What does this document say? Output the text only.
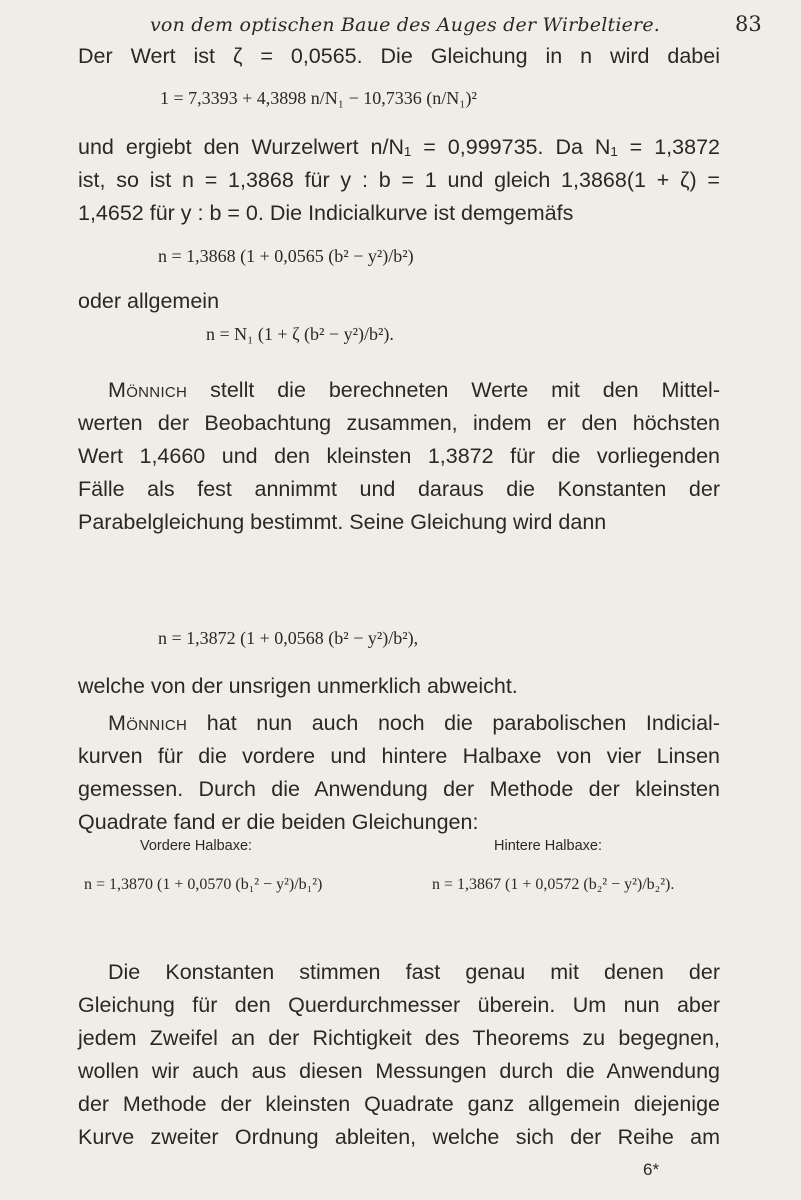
von dem optischen Baue des Auges der Wirbeltiere.	83
Der Wert ist ζ = 0,0565. Die Gleichung in n wird dabei
1 = 7,3393 + 4,3898 n/N₁ − 10,7336 (n/N₁)²
und ergiebt den Wurzelwert n/N₁ = 0,999735. Da N₁ = 1,3872
ist, so ist n = 1,3868 für y : b = 1 und gleich 1,3868(1 + ζ) =
1,4652 für y : b = 0. Die Indicialkurve ist demgemäfs
n = 1,3868 (1 + 0,0565 (b² − y²)/b²)
oder allgemein
n = N₁ (1 + ζ (b² − y²)/b²).
Mönnich stellt die berechneten Werte mit den Mittel-
werten der Beobachtung zusammen, indem er den höchsten
Wert 1,4660 und den kleinsten 1,3872 für die vorliegenden
Fälle als fest annimmt und daraus die Konstanten der
Parabelgleichung bestimmt. Seine Gleichung wird dann
n = 1,3872 (1 + 0,0568 (b² − y²)/b²),
welche von der unsrigen unmerklich abweicht.
Mönnich hat nun auch noch die parabolischen Indicial-
kurven für die vordere und hintere Halbaxe von vier Linsen
gemessen. Durch die Anwendung der Methode der kleinsten
Quadrate fand er die beiden Gleichungen:
Vordere Halbaxe:	Hintere Halbaxe:
n = 1,3870 (1 + 0,0570 (b₁² − y²)/b₁²)	n = 1,3867 (1 + 0,0572 (b₂² − y²)/b₂²).
Die Konstanten stimmen fast genau mit denen der
Gleichung für den Querdurchmesser überein. Um nun aber
jedem Zweifel an der Richtigkeit des Theorems zu begegnen,
wollen wir auch aus diesen Messungen durch die Anwendung
der Methode der kleinsten Quadrate ganz allgemein diejenige
Kurve zweiter Ordnung ableiten, welche sich der Reihe am
6*
